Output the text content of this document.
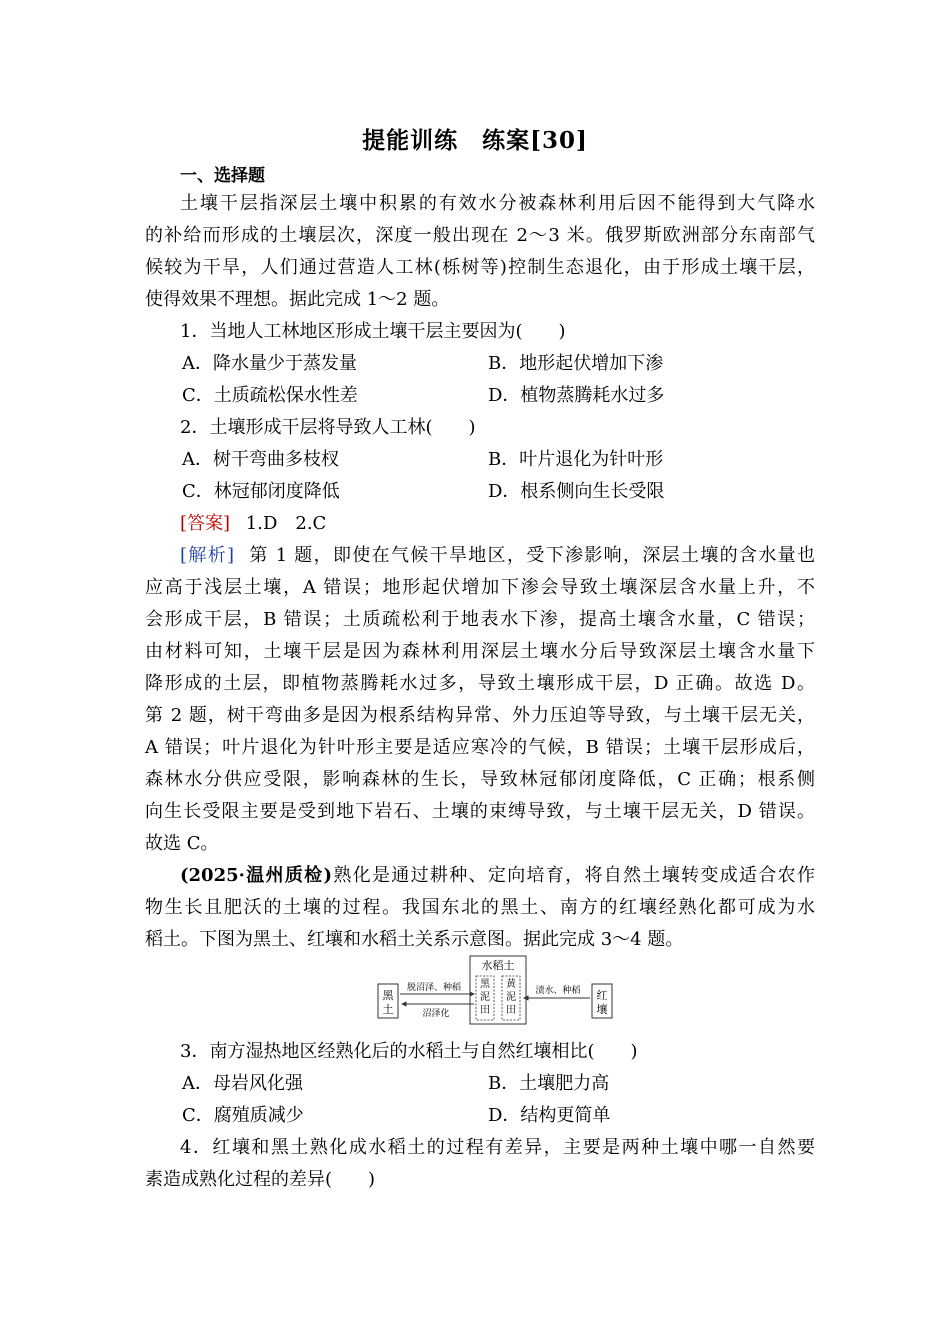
提能训练　练案[30]
一、选择题
土壤干层指深层土壤中积累的有效水分被森林利用后因不能得到大气降水
的补给而形成的土壤层次，深度一般出现在 2～3 米。俄罗斯欧洲部分东南部气
候较为干旱，人们通过营造人工林(栎树等)控制生态退化，由于形成土壤干层，
使得效果不理想。据此完成 1～2 题。
1．当地人工林地区形成土壤干层主要因为(　　)
A．降水量少于蒸发量	B．地形起伏增加下渗
C．土质疏松保水性差	D．植物蒸腾耗水过多
2．土壤形成干层将导致人工林(　　)
A．树干弯曲多枝杈	B．叶片退化为针叶形
C．林冠郁闭度降低	D．根系侧向生长受限
[答案] 1.D　2.C
[解析] 第 1 题，即使在气候干旱地区，受下渗影响，深层土壤的含水量也
应高于浅层土壤，A 错误；地形起伏增加下渗会导致土壤深层含水量上升，不
会形成干层，B 错误；土质疏松利于地表水下渗，提高土壤含水量，C 错误；
由材料可知，土壤干层是因为森林利用深层土壤水分后导致深层土壤含水量下
降形成的土层，即植物蒸腾耗水过多，导致土壤形成干层，D 正确。故选 D。
第 2 题，树干弯曲多是因为根系结构异常、外力压迫等导致，与土壤干层无关，
A 错误；叶片退化为针叶形主要是适应寒冷的气候，B 错误；土壤干层形成后，
森林水分供应受限，影响森林的生长，导致林冠郁闭度降低，C 正确；根系侧
向生长受限主要是受到地下岩石、土壤的束缚导致，与土壤干层无关，D 错误。
故选 C。
(2025·温州质检)熟化是通过耕种、定向培育，将自然土壤转变成适合农作
物生长且肥沃的土壤的过程。我国东北的黑土、南方的红壤经熟化都可成为水
稻土。下图为黑土、红壤和水稻土关系示意图。据此完成 3～4 题。
黑
土
水稻土
黑
泥
田
黄
泥
田
红
壤
脱沼泽、种稻
沼泽化
渍水、种稻
3．南方湿热地区经熟化后的水稻土与自然红壤相比(　　)
A．母岩风化强	B．土壤肥力高
C．腐殖质减少	D．结构更简单
4．红壤和黑土熟化成水稻土的过程有差异，主要是两种土壤中哪一自然要
素造成熟化过程的差异(　　)
